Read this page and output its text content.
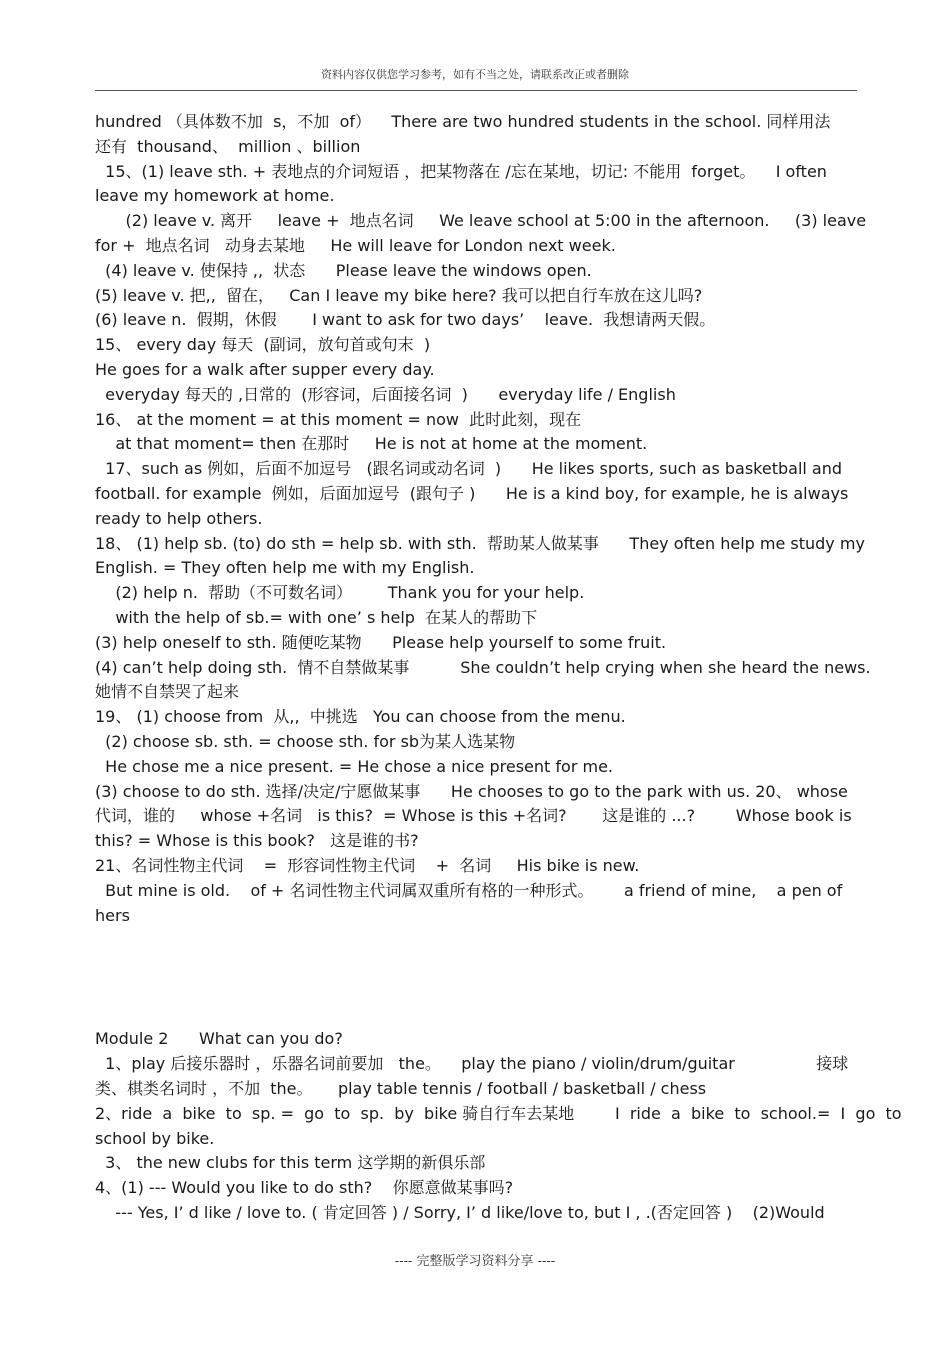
资料内容仅供您学习参考，如有不当之处，请联系改正或者删除
hundred （具体数不加  s，不加  of）    There are two hundred students in the school. 同样用法
还有  thousand、  million 、billion
15、(1) leave sth. + 表地点的介词短语 ，把某物落在 /忘在某地，切记: 不能用  forget。    I often
leave my homework at home.
(2) leave v. 离开     leave +  地点名词     We leave school at 5:00 in the afternoon.     (3) leave
for +  地点名词   动身去某地     He will leave for London next week.
(4) leave v. 使保持 ,,  状态      Please leave the windows open.
(5) leave v. 把,,  留在，   Can I leave my bike here? 我可以把自行车放在这儿吗?
(6) leave n.  假期，休假       I want to ask for two days’    leave.  我想请两天假。
15、 every day 每天  (副词，放句首或句末  )
He goes for a walk after supper every day.
everyday 每天的 ,日常的  (形容词，后面接名词  )      everyday life / English
16、 at the moment = at this moment = now  此时此刻，现在
at that moment= then 在那时     He is not at home at the moment.
17、such as 例如，后面不加逗号   (跟名词或动名词  )      He likes sports, such as basketball and
football. for example  例如，后面加逗号  (跟句子 )      He is a kind boy, for example, he is always
ready to help others.
18、 (1) help sb. (to) do sth = help sb. with sth.  帮助某人做某事      They often help me study my
English. = They often help me with my English.
(2) help n.  帮助（不可数名词）       Thank you for your help.
with the help of sb.= with one’ s help  在某人的帮助下
(3) help oneself to sth. 随便吃某物      Please help yourself to some fruit.
(4) can’t help doing sth.  情不自禁做某事          She couldn’t help crying when she heard the news.
她情不自禁哭了起来
19、 (1) choose from  从,,  中挑选   You can choose from the menu.
(2) choose sb. sth. = choose sth. for sb为某人选某物
He chose me a nice present. = He chose a nice present for me.
(3) choose to do sth. 选择/决定/宁愿做某事      He chooses to go to the park with us. 20、 whose
代词，谁的     whose +名词   is this?  = Whose is this +名词?       这是谁的 ...?        Whose book is
this? = Whose is this book?   这是谁的书?
21、名词性物主代词    =  形容词性物主代词    +  名词     His bike is new.
But mine is old.    of + 名词性物主代词属双重所有格的一种形式。      a friend of mine,    a pen of
hers
Module 2      What can you do?
1、play 后接乐器时 ，乐器名词前要加   the。    play the piano / violin/drum/guitar                接球
类、棋类名词时 ，不加  the。     play table tennis / football / basketball / chess
2、ride  a  bike  to  sp. =  go  to  sp.  by  bike 骑自行车去某地        I  ride  a  bike  to  school.=  I  go  to
school by bike.
3、 the new clubs for this term 这学期的新俱乐部
4、(1) --- Would you like to do sth?    你愿意做某事吗?
--- Yes, I’ d like / love to. ( 肯定回答 ) / Sorry, I’ d like/love to, but I , .(否定回答 )    (2)Would
---- 完整版学习资料分享 ----
